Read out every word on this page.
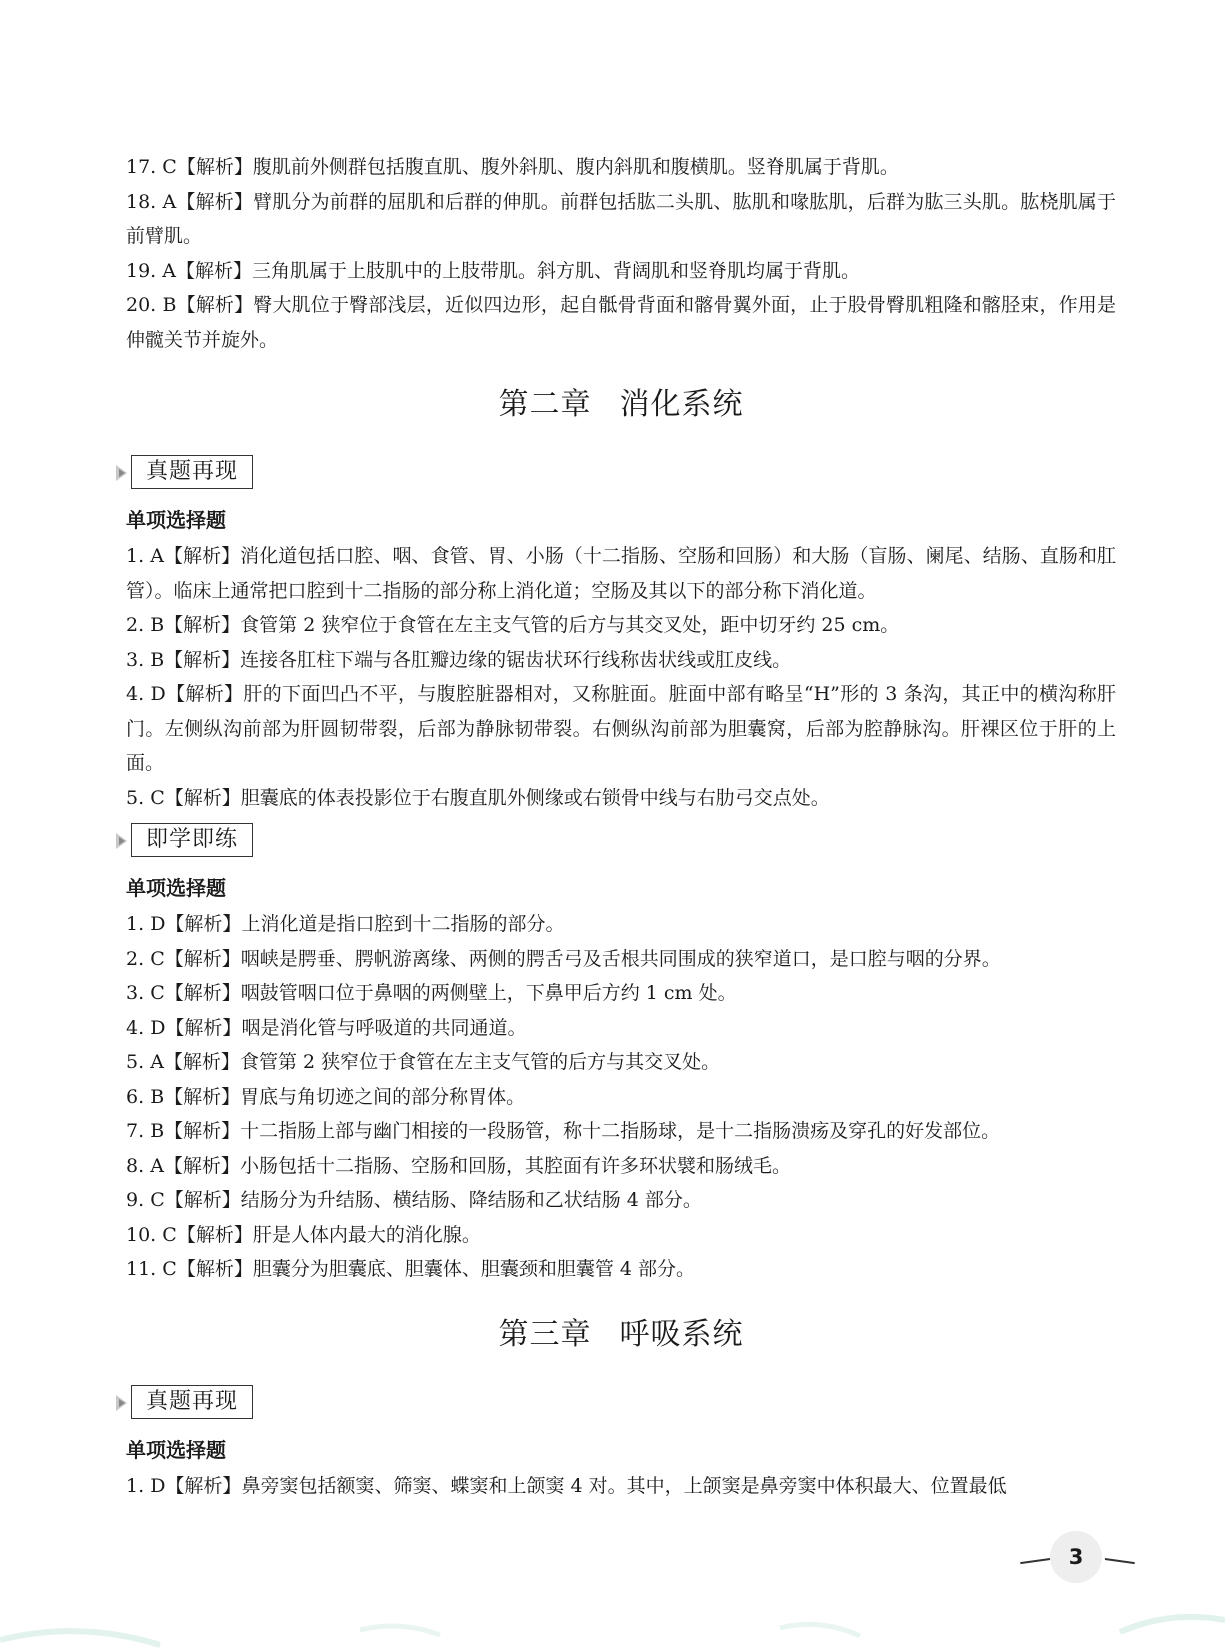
17. C【解析】腹肌前外侧群包括腹直肌、腹外斜肌、腹内斜肌和腹横肌。竖脊肌属于背肌。

18. A【解析】臂肌分为前群的屈肌和后群的伸肌。前群包括肱二头肌、肱肌和喙肱肌，后群为肱三头肌。肱桡肌属于前臂肌。

19. A【解析】三角肌属于上肢肌中的上肢带肌。斜方肌、背阔肌和竖脊肌均属于背肌。

20. B【解析】臀大肌位于臀部浅层，近似四边形，起自骶骨背面和髂骨翼外面，止于股骨臀肌粗隆和髂胫束，作用是伸髋关节并旋外。

第二章 消化系统
真题再现
单项选择题

1. A【解析】消化道包括口腔、咽、食管、胃、小肠（十二指肠、空肠和回肠）和大肠（盲肠、阑尾、结肠、直肠和肛管）。临床上通常把口腔到十二指肠的部分称上消化道；空肠及其以下的部分称下消化道。

2. B【解析】食管第 2 狭窄位于食管在左主支气管的后方与其交叉处，距中切牙约 25 cm。

3. B【解析】连接各肛柱下端与各肛瓣边缘的锯齿状环行线称齿状线或肛皮线。

4. D【解析】肝的下面凹凸不平，与腹腔脏器相对，又称脏面。脏面中部有略呈“H”形的 3 条沟，其正中的横沟称肝门。左侧纵沟前部为肝圆韧带裂，后部为静脉韧带裂。右侧纵沟前部为胆囊窝，后部为腔静脉沟。肝裸区位于肝的上面。

5. C【解析】胆囊底的体表投影位于右腹直肌外侧缘或右锁骨中线与右肋弓交点处。

即学即练
单项选择题

1. D【解析】上消化道是指口腔到十二指肠的部分。

2. C【解析】咽峡是腭垂、腭帆游离缘、两侧的腭舌弓及舌根共同围成的狭窄道口，是口腔与咽的分界。

3. C【解析】咽鼓管咽口位于鼻咽的两侧壁上，下鼻甲后方约 1 cm 处。

4. D【解析】咽是消化管与呼吸道的共同通道。

5. A【解析】食管第 2 狭窄位于食管在左主支气管的后方与其交叉处。

6. B【解析】胃底与角切迹之间的部分称胃体。

7. B【解析】十二指肠上部与幽门相接的一段肠管，称十二指肠球，是十二指肠溃疡及穿孔的好发部位。

8. A【解析】小肠包括十二指肠、空肠和回肠，其腔面有许多环状襞和肠绒毛。

9. C【解析】结肠分为升结肠、横结肠、降结肠和乙状结肠 4 部分。

10. C【解析】肝是人体内最大的消化腺。

11. C【解析】胆囊分为胆囊底、胆囊体、胆囊颈和胆囊管 4 部分。

第三章 呼吸系统
真题再现
单项选择题

1. D【解析】鼻旁窦包括额窦、筛窦、蝶窦和上颌窦 4 对。其中，上颌窦是鼻旁窦中体积最大、位置最低

3
